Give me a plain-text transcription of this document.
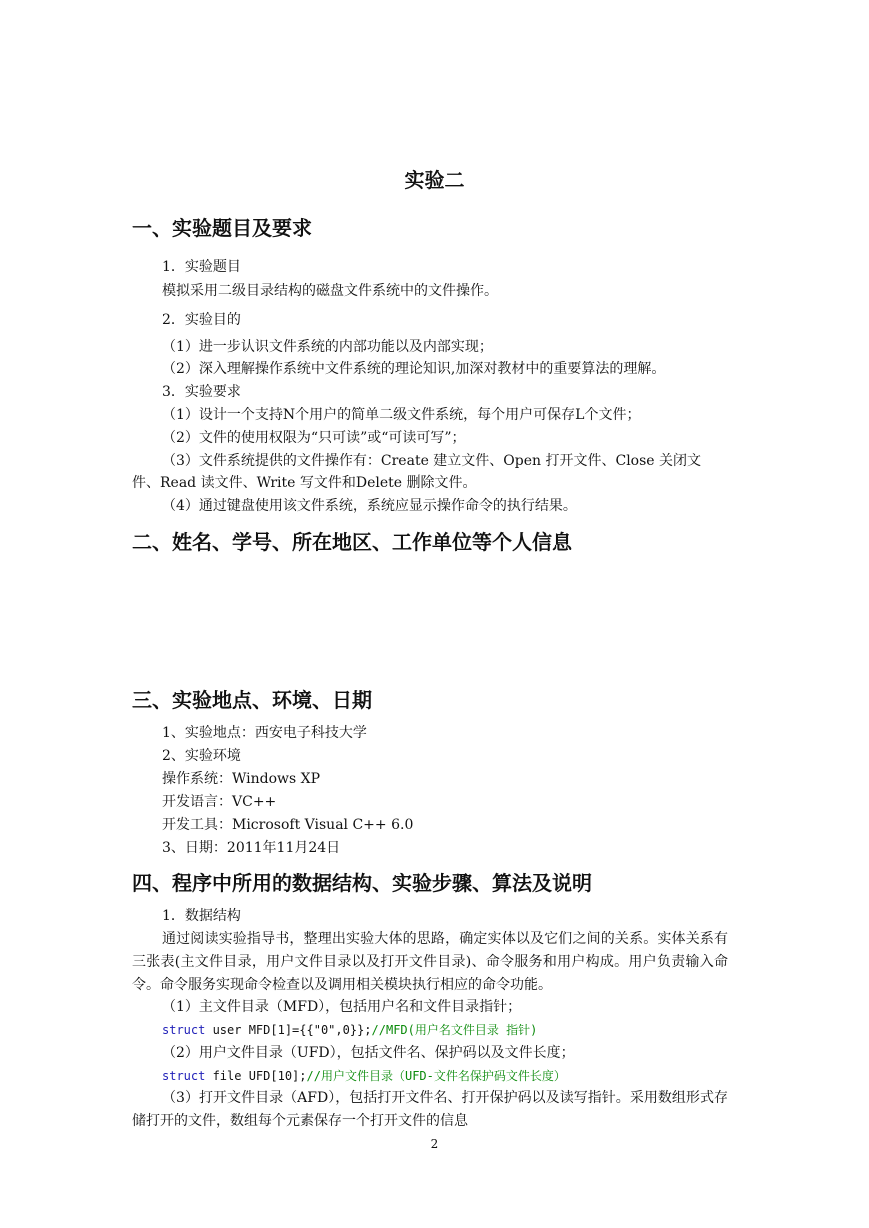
实验二
一、实验题目及要求
1．实验题目
模拟采用二级目录结构的磁盘文件系统中的文件操作。
2．实验目的
（1）进一步认识文件系统的内部功能以及内部实现；
（2）深入理解操作系统中文件系统的理论知识,加深对教材中的重要算法的理解。
3．实验要求
（1）设计一个支持N个用户的简单二级文件系统，每个用户可保存L个文件；
（2）文件的使用权限为“只可读”或“可读可写”；
（3）文件系统提供的文件操作有：Create 建立文件、Open 打开文件、Close 关闭文
件、Read 读文件、Write 写文件和Delete 删除文件。
（4）通过键盘使用该文件系统，系统应显示操作命令的执行结果。
二、姓名、学号、所在地区、工作单位等个人信息
三、实验地点、环境、日期
1、实验地点：西安电子科技大学
2、实验环境
操作系统：Windows XP
开发语言：VC++
开发工具：Microsoft Visual C++ 6.0
3、日期：2011年11月24日
四、程序中所用的数据结构、实验步骤、算法及说明
1．数据结构
通过阅读实验指导书，整理出实验大体的思路，确定实体以及它们之间的关系。实体关系有三张表(主文件目录，用户文件目录以及打开文件目录)、命令服务和用户构成。用户负责输入命令。命令服务实现命令检查以及调用相关模块执行相应的命令功能。
（1）主文件目录（MFD），包括用户名和文件目录指针；
struct user MFD[1]={{"0",0}};//MFD(用户名文件目录 指针)
（2）用户文件目录（UFD），包括文件名、保护码以及文件长度；
struct file UFD[10];//用户文件目录（UFD-文件名保护码文件长度）
（3）打开文件目录（AFD），包括打开文件名、打开保护码以及读写指针。采用数组形式存储打开的文件，数组每个元素保存一个打开文件的信息
2
